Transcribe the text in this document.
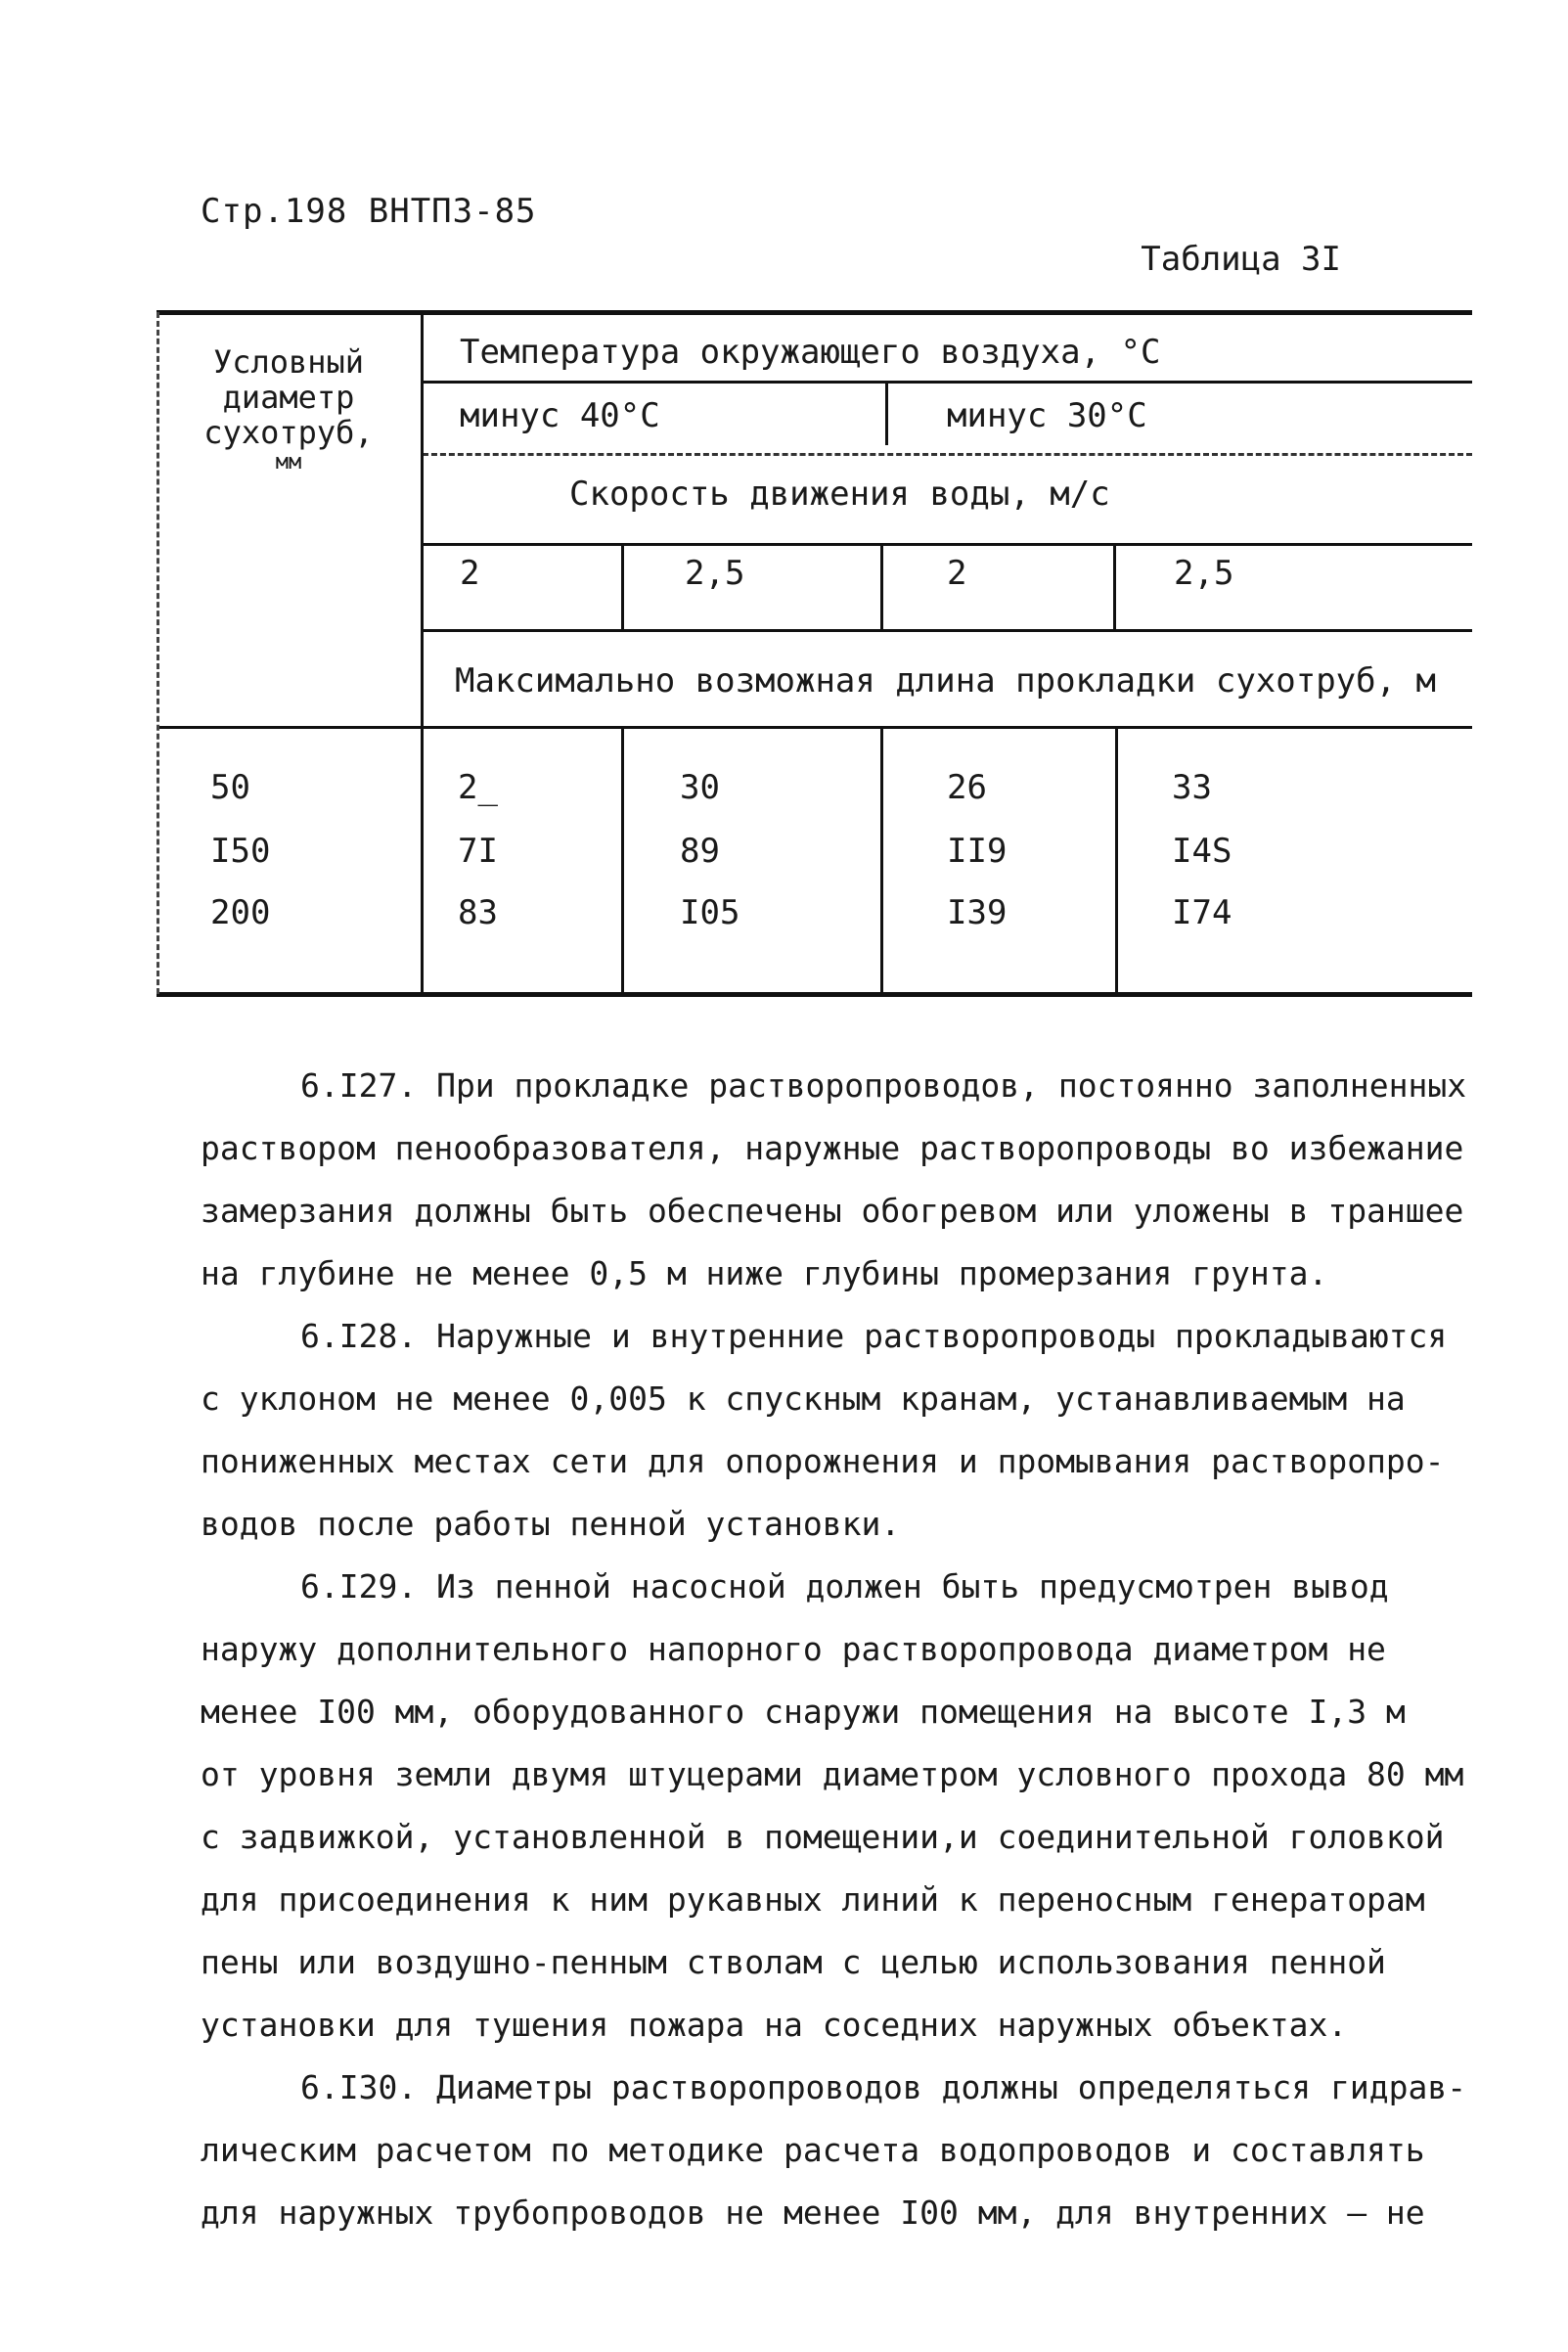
Стр.198 ВНТПЗ-85
Таблица ЗI
Условный
диаметр
сухотруб,
мм
Температура окружающего воздуха, °С
минус 40°С	минус 30°С
Скорость движения воды, м/с
2	2,5	2	2,5
Максимально возможная длина прокладки сухотруб, м
50	2_	30	26	33
I50	7I	89	II9	I4S
200	83	I05	I39	I74

6.I27. При прокладке растворопроводов, постоянно заполненных
раствором пенообразователя, наружные растворопроводы во избежание
замерзания должны быть обеспечены обогревом или уложены в траншее
на глубине не менее 0,5 м ниже глубины промерзания грунта.

6.I28. Наружные и внутренние растворопроводы прокладываются
с уклоном не менее 0,005 к спускным кранам, устанавливаемым на
пониженных местах сети для опорожнения и промывания растворопро-
водов после работы пенной установки.

6.I29. Из пенной насосной должен быть предусмотрен вывод
наружу дополнительного напорного растворопровода диаметром не
менее I00 мм, оборудованного снаружи помещения на высоте I,3 м
от уровня земли двумя штуцерами диаметром условного прохода 80 мм
с задвижкой, установленной в помещении,и соединительной головкой
для присоединения к ним рукавных линий к переносным генераторам
пены или воздушно-пенным стволам с целью использования пенной
установки для тушения пожара на соседних наружных объектах.

6.I30. Диаметры растворопроводов должны определяться гидрав-
лическим расчетом по методике расчета водопроводов и составлять
для наружных трубопроводов не менее I00 мм, для внутренних – не
